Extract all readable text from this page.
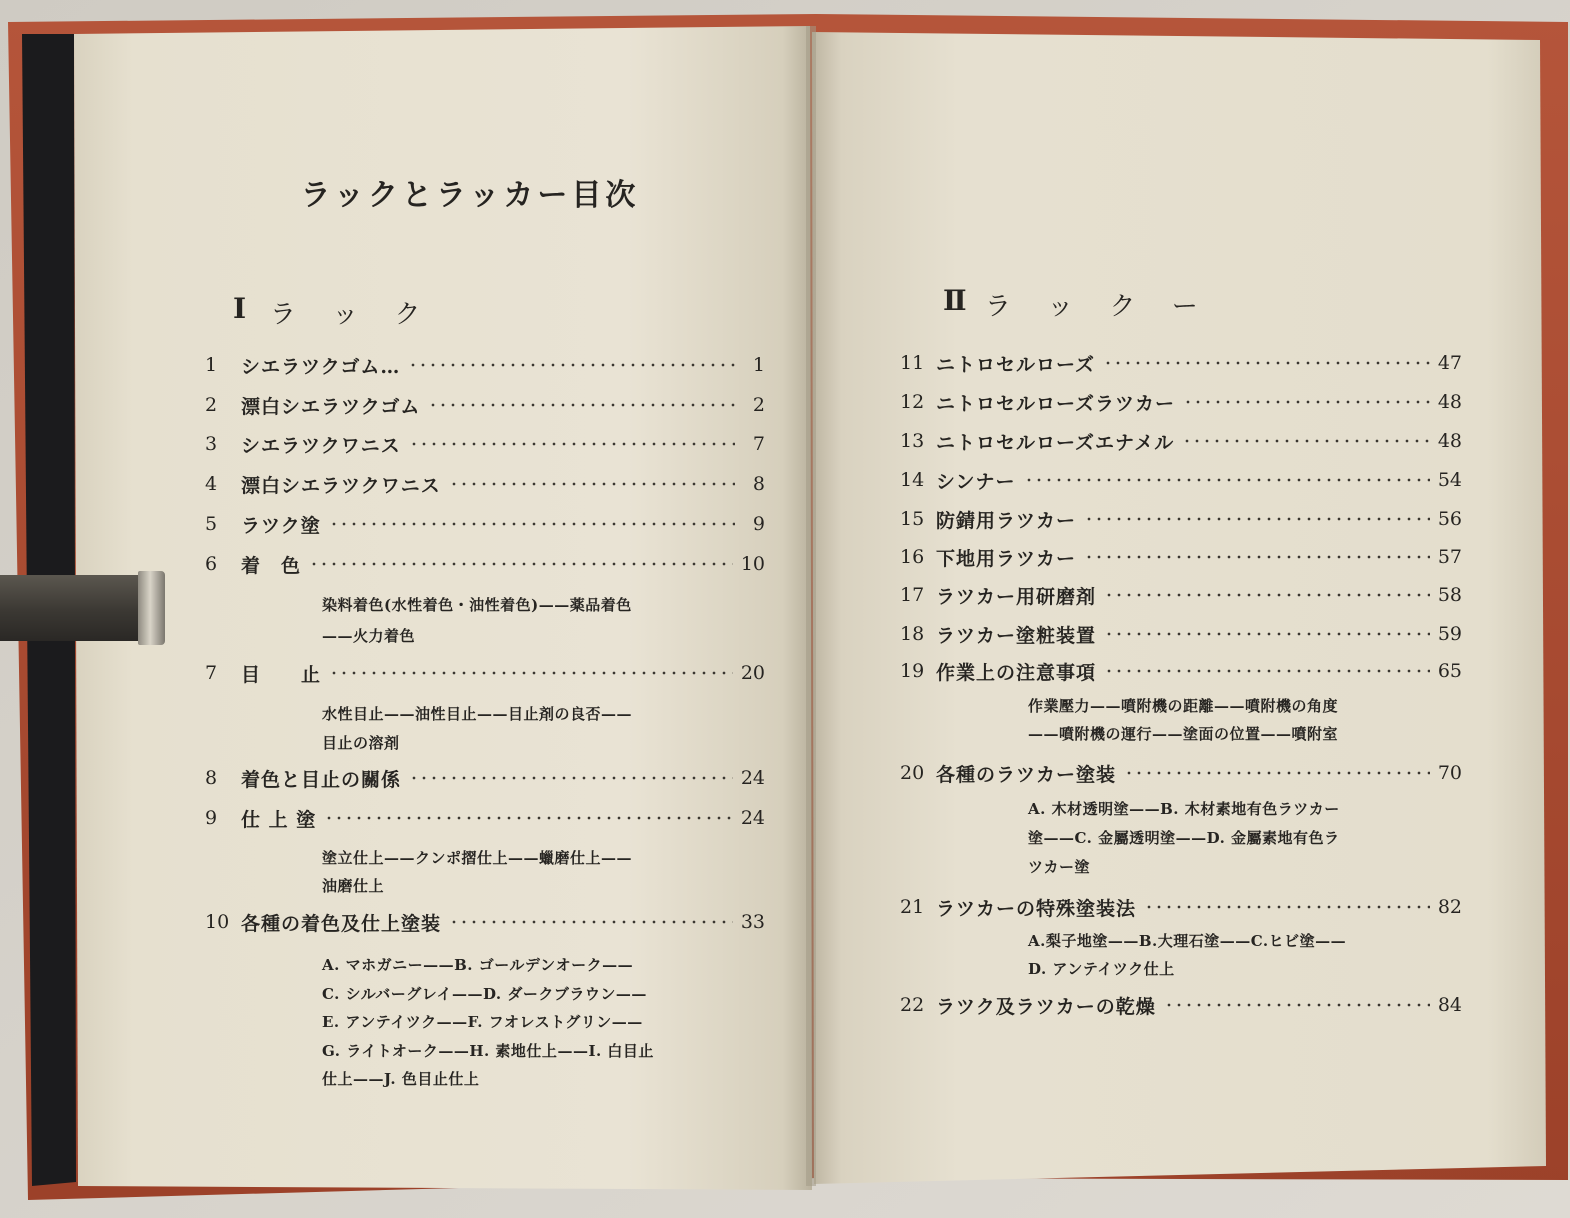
ラックとラッカー目次
Ⅰ ラ ッ ク	Ⅱ ラ ッ ク ー
1	シエラツクゴム…	1
2	漂白シエラツクゴム	2
3	シエラツクワニス	7
4	漂白シエラツクワニス	8
5	ラツク塗	9
6	着　色	10
染料着色(水性着色・油性着色)——薬品着色
——火力着色
7	目　　止	20
水性目止——油性目止——目止剤の良否——
目止の溶剤
8	着色と目止の關係	24
9	仕 上 塗	24
塗立仕上——クンポ摺仕上——蠟磨仕上——
油磨仕上
10 各種の着色及仕上塗装	33
A. マホガニー——B. ゴールデンオーク——
C. シルバーグレイ——D. ダークブラウン——
E. アンテイツク——F. フオレストグリン——
G. ライトオーク——H. 素地仕上——I. 白目止
仕上——J. 色目止仕上
11 ニトロセルローズ	47
12 ニトロセルローズラツカー	48
13 ニトロセルローズエナメル	48
14 シンナー	54
15 防錆用ラツカー	56
16 下地用ラツカー	57
17 ラツカー用研磨剤	58
18 ラツカー塗粧装置	59
19 作業上の注意事項	65
作業壓力——噴附機の距離——噴附機の角度
——噴附機の運行——塗面の位置——噴附室
20 各種のラツカー塗装	70
A. 木材透明塗——B. 木材素地有色ラツカー
塗——C. 金屬透明塗——D. 金屬素地有色ラ
ツカー塗
21 ラツカーの特殊塗装法	82
A.梨子地塗——B.大理石塗——C.ヒビ塗——
D. アンテイツク仕上
22 ラツク及ラツカーの乾燥	84
